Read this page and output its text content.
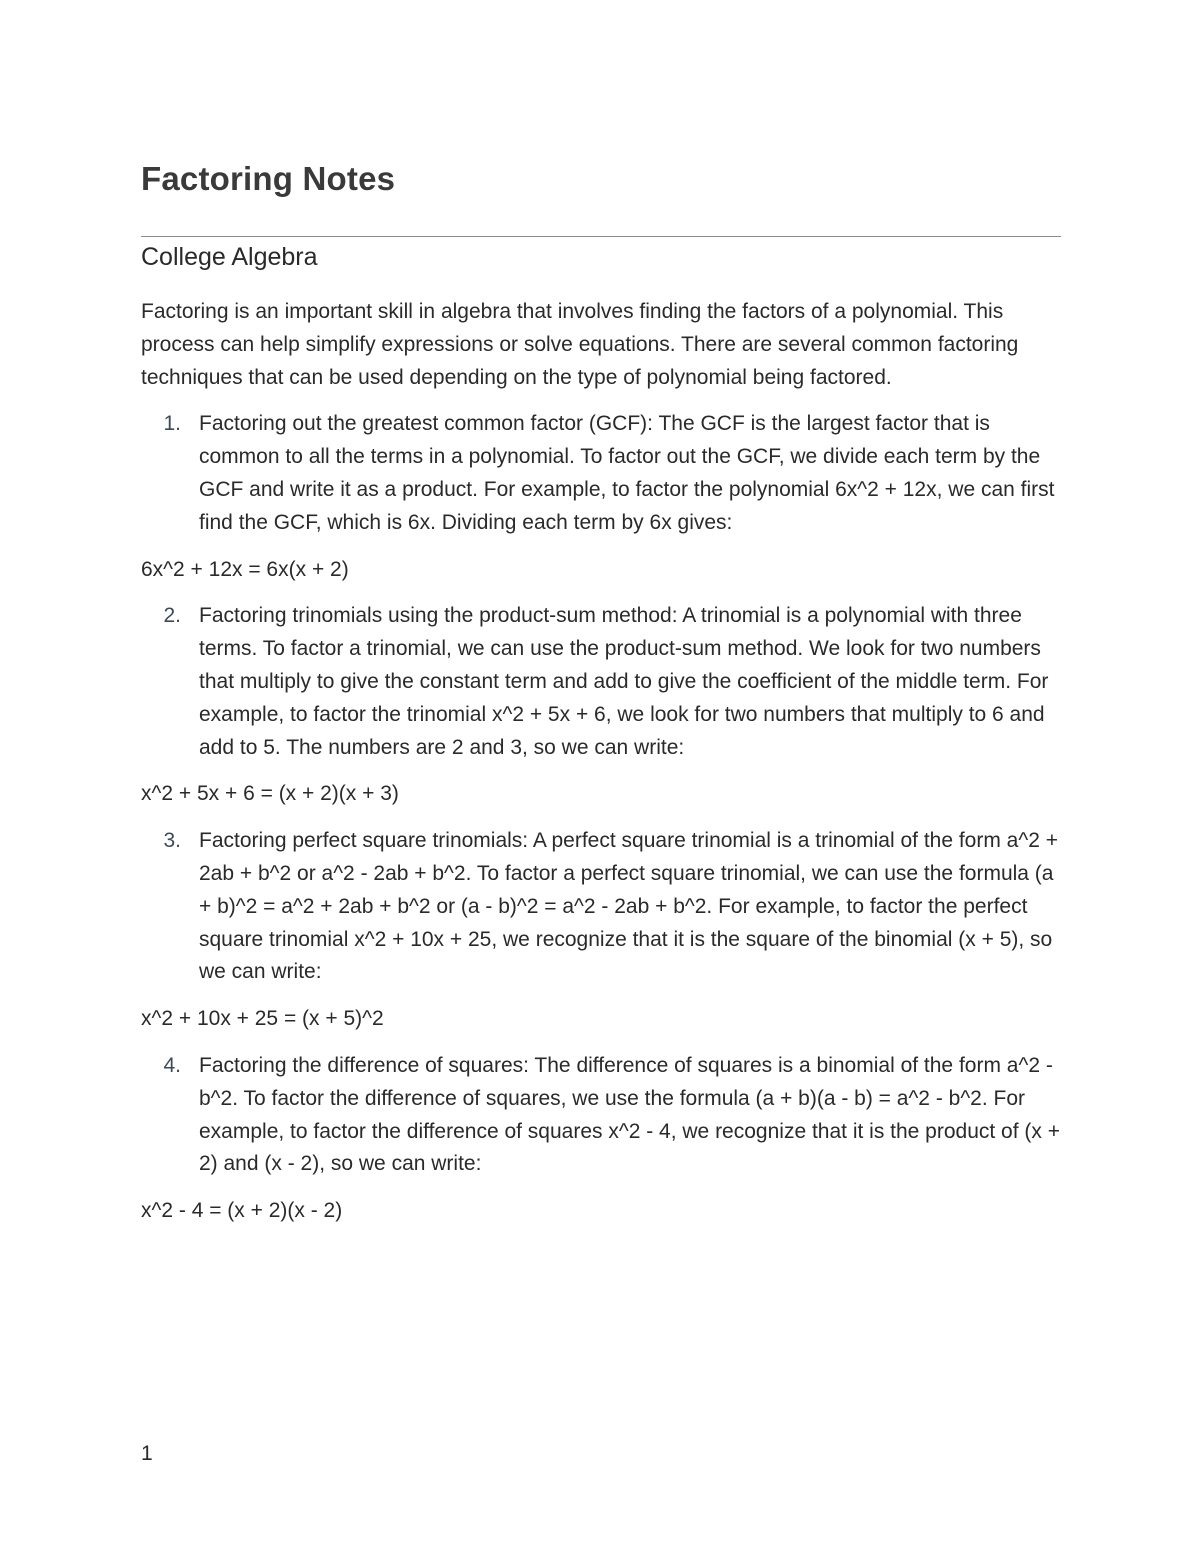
Factoring Notes
College Algebra

Factoring is an important skill in algebra that involves finding the factors of a polynomial. This process can help simplify expressions or solve equations. There are several common factoring techniques that can be used depending on the type of polynomial being factored.

1. Factoring out the greatest common factor (GCF): The GCF is the largest factor that is common to all the terms in a polynomial. To factor out the GCF, we divide each term by the GCF and write it as a product. For example, to factor the polynomial 6x^2 + 12x, we can first find the GCF, which is 6x. Dividing each term by 6x gives:

6x^2 + 12x = 6x(x + 2)

2. Factoring trinomials using the product-sum method: A trinomial is a polynomial with three terms. To factor a trinomial, we can use the product-sum method. We look for two numbers that multiply to give the constant term and add to give the coefficient of the middle term. For example, to factor the trinomial x^2 + 5x + 6, we look for two numbers that multiply to 6 and add to 5. The numbers are 2 and 3, so we can write:

x^2 + 5x + 6 = (x + 2)(x + 3)

3. Factoring perfect square trinomials: A perfect square trinomial is a trinomial of the form a^2 + 2ab + b^2 or a^2 - 2ab + b^2. To factor a perfect square trinomial, we can use the formula (a + b)^2 = a^2 + 2ab + b^2 or (a - b)^2 = a^2 - 2ab + b^2. For example, to factor the perfect square trinomial x^2 + 10x + 25, we recognize that it is the square of the binomial (x + 5), so we can write:

x^2 + 10x + 25 = (x + 5)^2

4. Factoring the difference of squares: The difference of squares is a binomial of the form a^2 - b^2. To factor the difference of squares, we use the formula (a + b)(a - b) = a^2 - b^2. For example, to factor the difference of squares x^2 - 4, we recognize that it is the product of (x + 2) and (x - 2), so we can write:

x^2 - 4 = (x + 2)(x - 2)

1
